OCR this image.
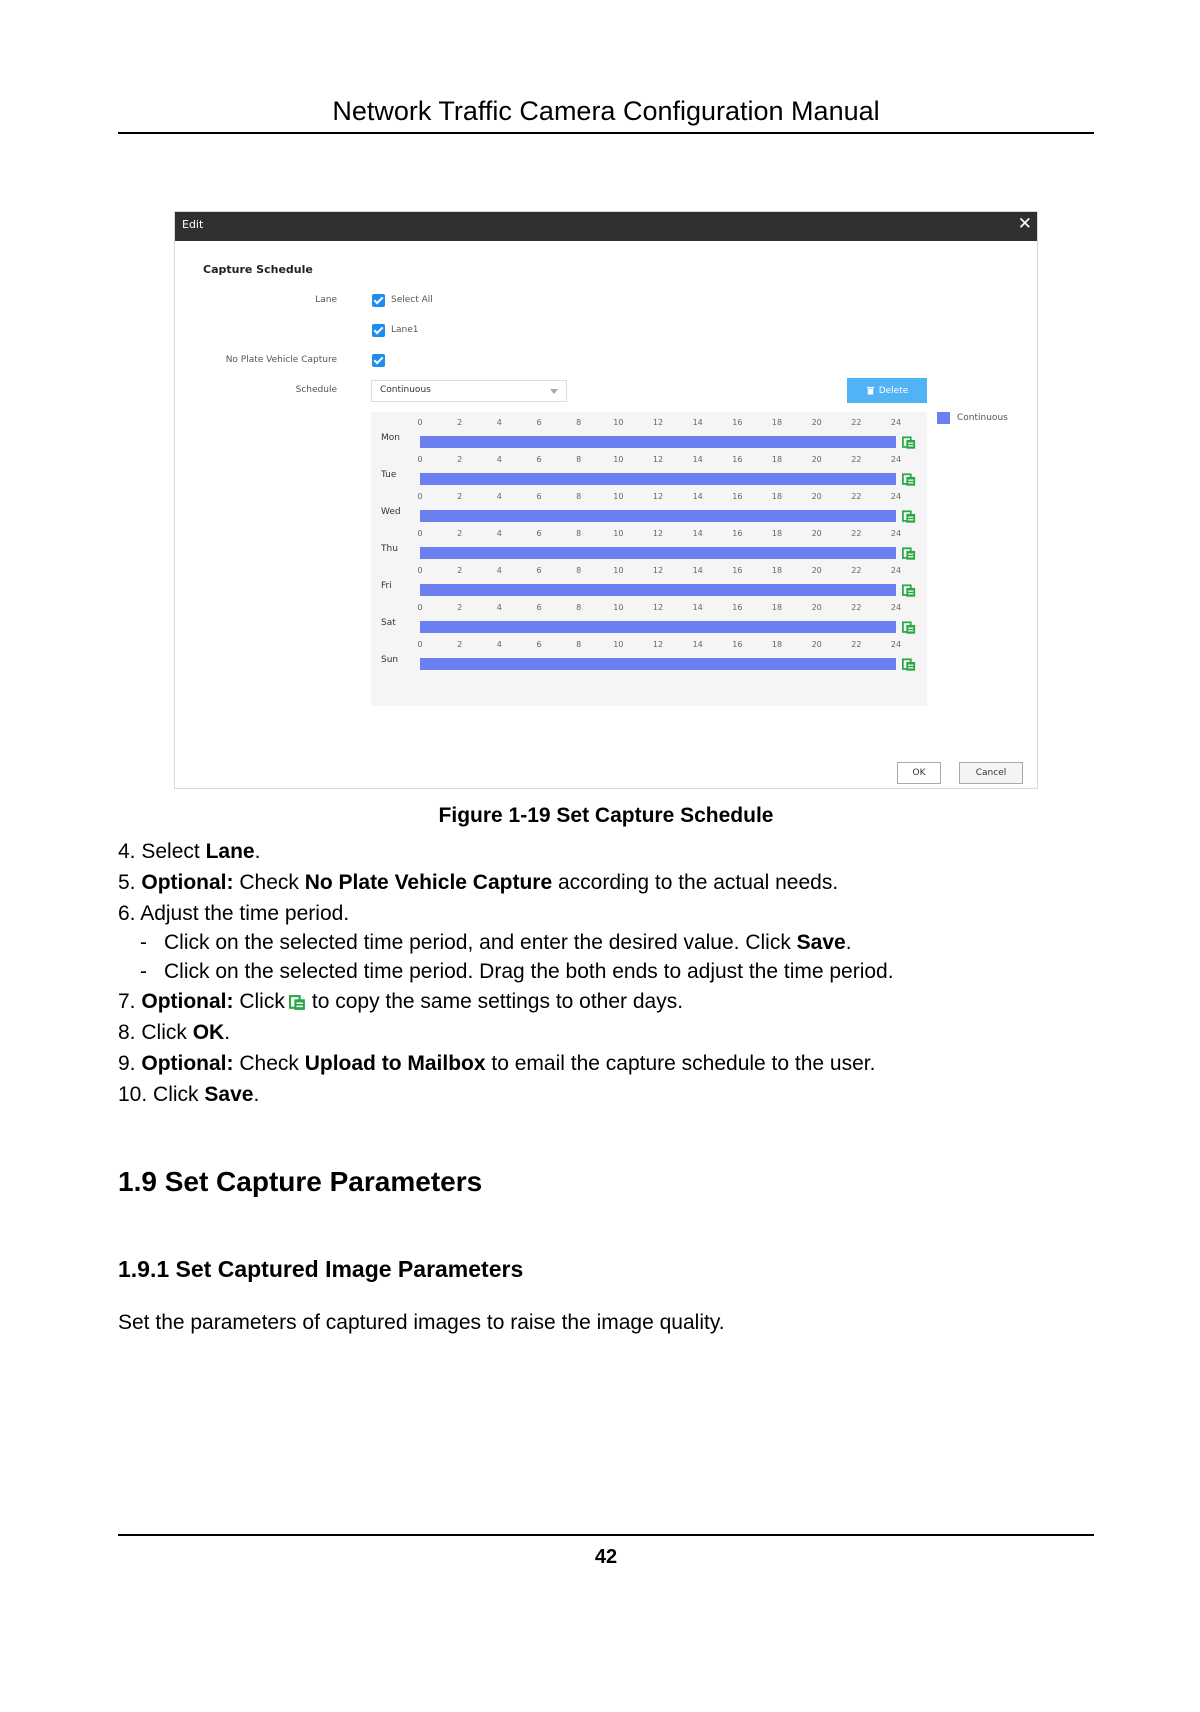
Network Traffic Camera Configuration Manual
Edit	✕
Capture Schedule
Lane	Select All
Lane1
No Plate Vehicle Capture
Schedule	Continuous	Delete
Continuous
0	2	4	6	8	10	12	14	16	18	20	22	24
Mon
0	2	4	6	8	10	12	14	16	18	20	22	24
Tue
0	2	4	6	8	10	12	14	16	18	20	22	24
Wed
0	2	4	6	8	10	12	14	16	18	20	22	24
Thu
0	2	4	6	8	10	12	14	16	18	20	22	24
Fri
0	2	4	6	8	10	12	14	16	18	20	22	24
Sat
0	2	4	6	8	10	12	14	16	18	20	22	24
Sun
OK	Cancel
Figure 1-19 Set Capture Schedule
4. Select Lane.
5. Optional: Check No Plate Vehicle Capture according to the actual needs.
6. Adjust the time period.
- Click on the selected time period, and enter the desired value. Click Save.
- Click on the selected time period. Drag the both ends to adjust the time period.
7. Optional: Click to copy the same settings to other days.
8. Click OK.
9. Optional: Check Upload to Mailbox to email the capture schedule to the user.
10. Click Save.
1.9 Set Capture Parameters
1.9.1 Set Captured Image Parameters
Set the parameters of captured images to raise the image quality.
42
